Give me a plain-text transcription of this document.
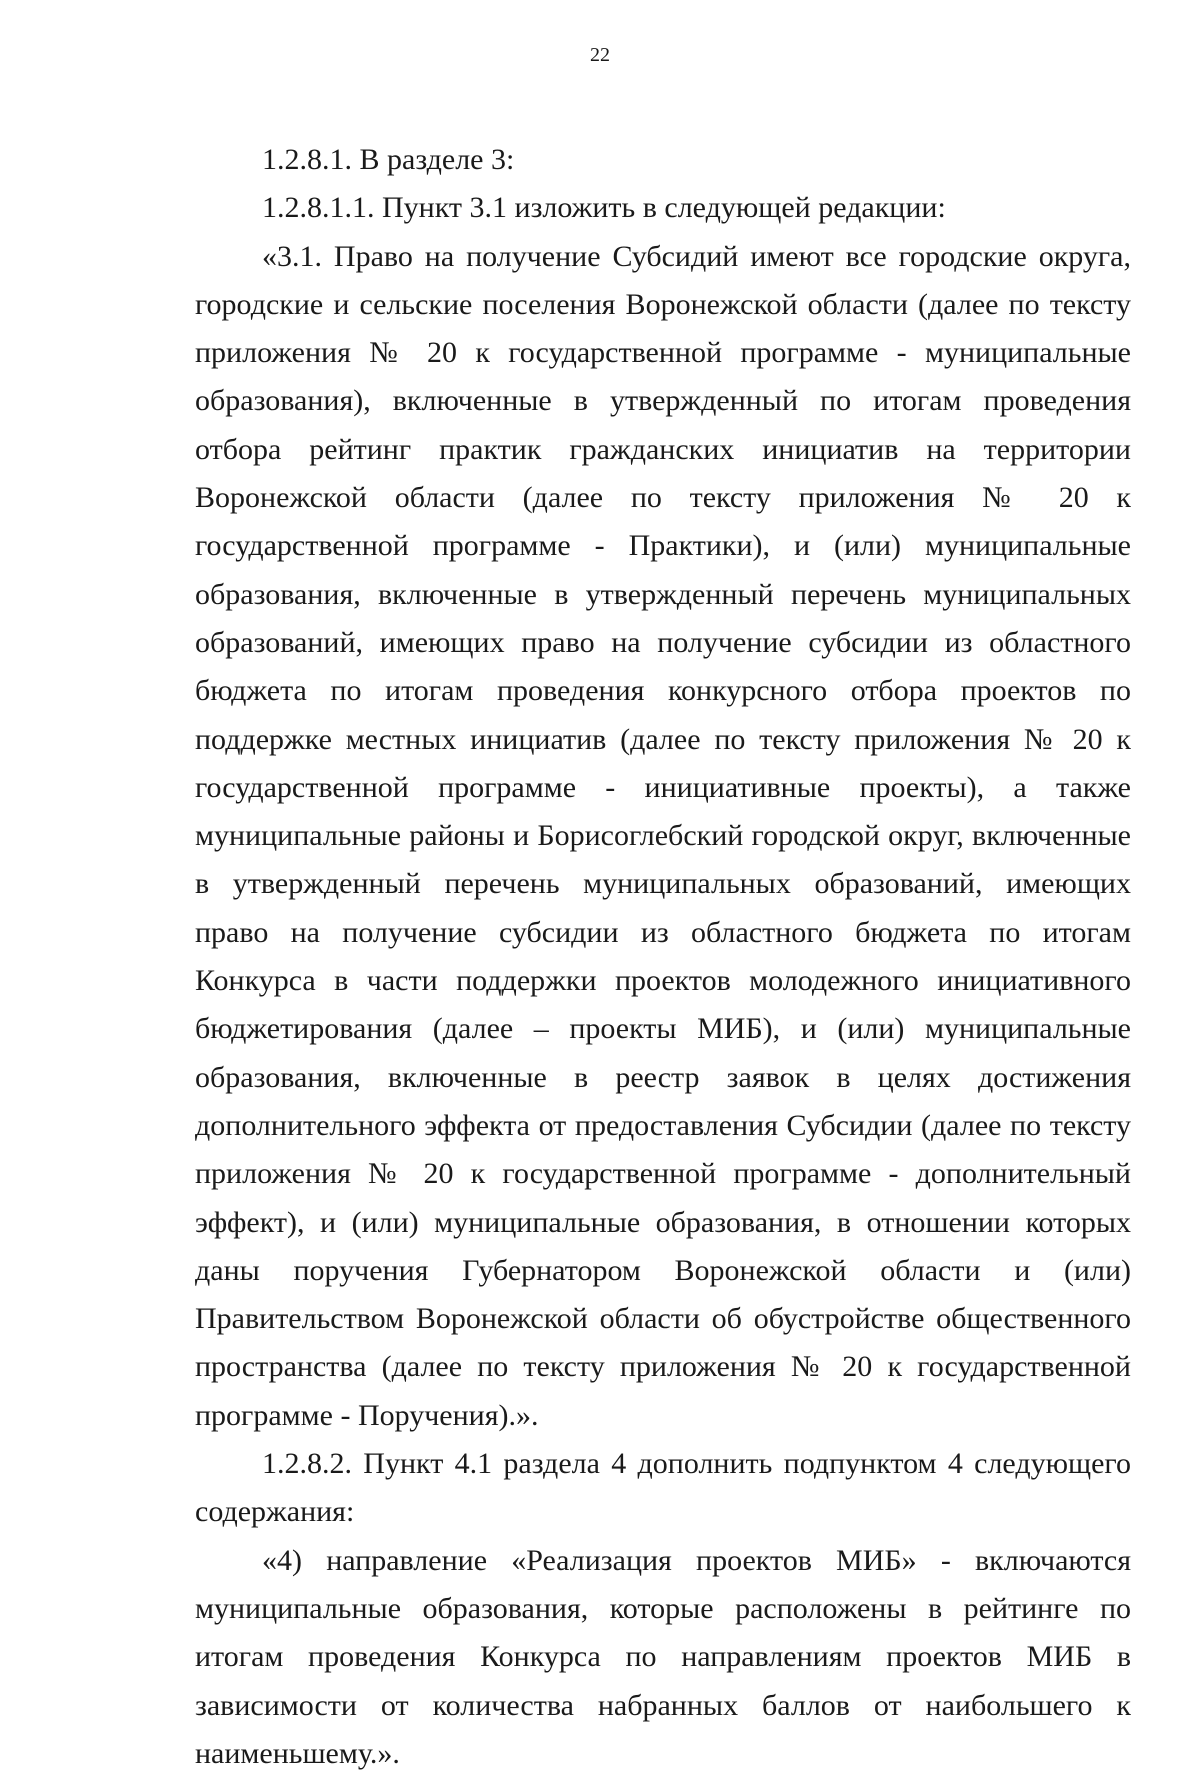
22

1.2.8.1. В разделе 3:

1.2.8.1.1. Пункт 3.1 изложить в следующей редакции:

«3.1. Право на получение Субсидий имеют все городские округа, городские и сельские поселения Воронежской области (далее по тексту приложения № 20 к государственной программе - муниципальные образования), включенные в утвержденный по итогам проведения отбора рейтинг практик гражданских инициатив на территории Воронежской области (далее по тексту приложения № 20 к государственной программе - Практики), и (или) муниципальные образования, включенные в утвержденный перечень муниципальных образований, имеющих право на получение субсидии из областного бюджета по итогам проведения конкурсного отбора проектов по поддержке местных инициатив (далее по тексту приложения № 20 к государственной программе - инициативные проекты), а также муниципальные районы и Борисоглебский городской округ, включенные в утвержденный перечень муниципальных образований, имеющих право на получение субсидии из областного бюджета по итогам Конкурса в части поддержки проектов молодежного инициативного бюджетирования (далее – проекты МИБ), и (или) муниципальные образования, включенные в реестр заявок в целях достижения дополнительного эффекта от предоставления Субсидии (далее по тексту приложения № 20 к государственной программе - дополнительный эффект), и (или) муниципальные образования, в отношении которых даны поручения Губернатором Воронежской области и (или) Правительством Воронежской области об обустройстве общественного пространства (далее по тексту приложения № 20 к государственной программе - Поручения).».

1.2.8.2. Пункт 4.1 раздела 4 дополнить подпунктом 4 следующего содержания:

«4) направление «Реализация проектов МИБ» - включаются муниципальные образования, которые расположены в рейтинге по итогам проведения Конкурса по направлениям проектов МИБ в зависимости от количества набранных баллов от наибольшего к наименьшему.».
